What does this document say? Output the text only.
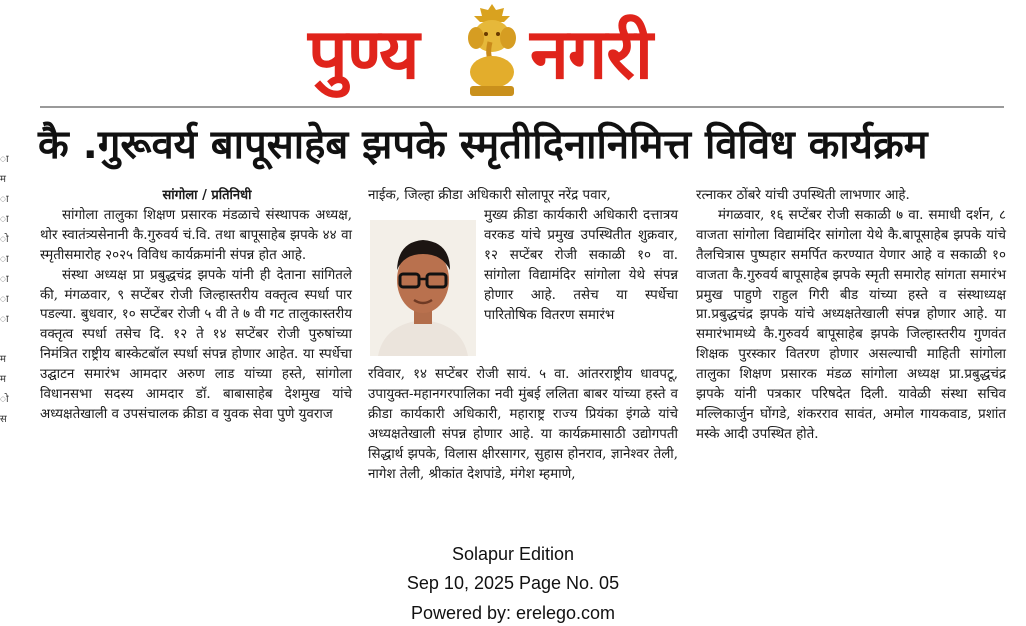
पुण्य नगरी
कै .गुरूवर्य बापूसाहेब झपके स्मृतीदिनानिमित्त विविध कार्यक्रम
ा
म
ा
ा
ो
ा
ा
ा
ा

म
म
ो
स

सांगोला / प्रतिनिधी

सांगोला तालुका शिक्षण प्रसारक मंडळाचे संस्थापक अध्यक्ष, थोर स्वातंत्र्यसेनानी कै.गुरुवर्य चं.वि. तथा बापूसाहेब झपके ४४ वा स्मृतीसमारोह २०२५ विविध कार्यक्रमांनी संपन्न होत आहे.

संस्था अध्यक्ष प्रा प्रबुद्धचंद्र झपके यांनी ही देताना सांगितले की, मंगळवार, ९ सप्टेंबर रोजी जिल्हास्तरीय वक्तृत्व स्पर्धा पार पडल्या. बुधवार, १० सप्टेंबर रोजी ५ वी ते ७ वी गट तालुकास्तरीय वक्तृत्व स्पर्धा तसेच दि. १२ ते १४ सप्टेंबर रोजी पुरुषांच्या निमंत्रित राष्ट्रीय बास्केटबॉल स्पर्धा संपन्न होणार आहेत. या स्पर्धेचा उद्घाटन समारंभ आमदार अरुण लाड यांच्या हस्ते, सांगोला विधानसभा सदस्य आमदार डॉ. बाबासाहेब देशमुख यांचे अध्यक्षतेखाली व उपसंचालक क्रीडा व युवक सेवा पुणे युवराज

नाईक, जिल्हा क्रीडा अधिकारी सोलापूर नरेंद्र पवार,

मुख्य क्रीडा कार्यकारी अधिकारी दत्तात्रय वरकड यांचे प्रमुख उपस्थितीत शुक्रवार, १२ सप्टेंबर रोजी सकाळी १० वा. सांगोला विद्यामंदिर सांगोला येथे संपन्न होणार आहे. तसेच या स्पर्धेचा पारितोषिक वितरण समारंभ

रविवार, १४ सप्टेंबर रोजी सायं. ५ वा. आंतरराष्ट्रीय धावपटू, उपायुक्त-महानगरपालिका नवी मुंबई ललिता बाबर यांच्या हस्ते व क्रीडा कार्यकारी अधिकारी, महाराष्ट्र राज्य प्रियंका इंगळे यांचे अध्यक्षतेखाली संपन्न होणार आहे. या कार्यक्रमासाठी उद्योगपती सिद्धार्थ झपके, विलास क्षीरसागर, सुहास होनराव, ज्ञानेश्वर तेली, नागेश तेली, श्रीकांत देशपांडे, मंगेश म्हमाणे,

रत्नाकर ठोंबरे यांची उपस्थिती लाभणार आहे.

मंगळवार, १६ सप्टेंबर रोजी सकाळी ७ वा. समाधी दर्शन, ८ वाजता सांगोला विद्यामंदिर सांगोला येथे कै.बापूसाहेब झपके यांचे तैलचित्रास पुष्पहार समर्पित करण्यात येणार आहे व सकाळी १० वाजता कै.गुरुवर्य बापूसाहेब झपके स्मृती समारोह सांगता समारंभ प्रमुख पाहुणे राहुल गिरी बीड यांच्या हस्ते व संस्थाध्यक्ष प्रा.प्रबुद्धचंद्र झपके यांचे अध्यक्षतेखाली संपन्न होणार आहे. या समारंभामध्ये कै.गुरुवर्य बापूसाहेब झपके जिल्हास्तरीय गुणवंत शिक्षक पुरस्कार वितरण होणार असल्याची माहिती सांगोला तालुका शिक्षण प्रसारक मंडळ सांगोला अध्यक्ष प्रा.प्रबुद्धचंद्र झपके यांनी पत्रकार परिषदेत दिली. यावेळी संस्था सचिव मल्लिकार्जुन घोंगडे, शंकरराव सावंत, अमोल गायकवाड, प्रशांत मस्के आदी उपस्थित होते.

Solapur Edition
Sep 10, 2025 Page No. 05
Powered by: erelego.com
